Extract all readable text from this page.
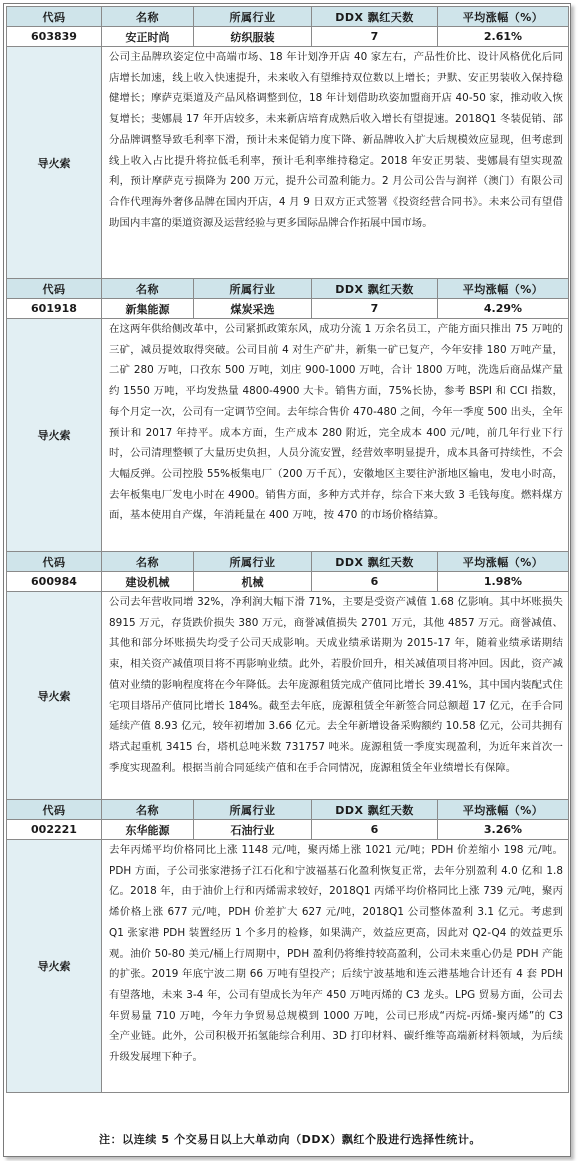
代码	名称	所属行业	DDX 飘红天数	平均涨幅（%）
603839	安正时尚	纺织服装	7	2.61%
导火索	公司主品牌玖姿定位中高端市场、18 年计划净开店 40 家左右，产品性价比、设计风格优化后同店增长加速，线上收入快速提升，未来收入有望维持双位数以上增长；尹默、安正男装收入保持稳健增长；摩萨克渠道及产品风格调整到位，18 年计划借助玖姿加盟商开店 40-50 家，推动收入恢复增长；斐娜晨 17 年开店较多，未来新店培育成熟后收入增长有望提速。2018Q1 冬装促销、部分品牌调整导致毛利率下滑，预计未来促销力度下降、新品牌收入扩大后规模效应显现，但考虑到线上收入占比提升将拉低毛利率，预计毛利率维持稳定。2018 年安正男装、斐娜晨有望实现盈利，预计摩萨克亏损降为 200 万元，提升公司盈利能力。2 月公司公告与润祥（澳门）有限公司合作代理海外奢侈品牌在国内开店，4 月 9 日双方正式签署《投资经营合同书》。未来公司有望借助国内丰富的渠道资源及运营经验与更多国际品牌合作拓展中国市场。			
代码	名称	所属行业	DDX 飘红天数	平均涨幅（%）
601918	新集能源	煤炭采选	7	4.29%
导火索	在这两年供给侧改革中，公司紧抓政策东风，成功分流 1 万余名员工，产能方面只推出 75 万吨的三矿，减员提效取得突破。公司目前 4 对生产矿井，新集一矿已复产，今年安排 180 万吨产量，二矿 280 万吨，口孜东 500 万吨，刘庄 900-1000 万吨，合计 1800 万吨，洗选后商品煤产量约 1550 万吨，平均发热量 4800-4900 大卡。销售方面，75%长协，参考 BSPI 和 CCI 指数，每个月定一次，公司有一定调节空间。去年综合售价 470-480 之间，今年一季度 500 出头，全年预计和 2017 年持平。成本方面，生产成本 280 附近，完全成本 400 元/吨，前几年行业下行时，公司清理整顿了大量历史负担，人员分流安置，经营效率明显提升，成本具备可持续性，不会大幅反弹。公司控股 55%板集电厂（200 万千瓦），安徽地区主要往沪浙地区输电，发电小时高，去年板集电厂发电小时在 4900。销售方面，多种方式并存，综合下来大致 3 毛钱每度。燃料煤方面，基本使用自产煤，年消耗量在 400 万吨，按 470 的市场价格结算。			
代码	名称	所属行业	DDX 飘红天数	平均涨幅（%）
600984	建设机械	机械	6	1.98%
导火索	公司去年营收同增 32%，净利润大幅下滑 71%，主要是受资产减值 1.68 亿影响。其中坏账损失 8915 万元，存货跌价损失 380 万元，商誉减值损失 2701 万元，其他 4857 万元。商誉减值、其他和部分坏账损失均受子公司天成影响。天成业绩承诺期为 2015-17 年，随着业绩承诺期结束，相关资产减值项目将不再影响业绩。此外，若股价回升，相关减值项目将冲回。因此，资产减值对业绩的影响程度将在今年降低。去年庞源租赁完成产值同比增长 39.41%，其中国内装配式住宅项目塔吊产值同比增长 184%。截至去年底，庞源租赁全年新签合同总额超 17 亿元，在手合同延续产值 8.93 亿元，较年初增加 3.66 亿元。去全年新增设备采购额约 10.58 亿元，公司共拥有塔式起重机 3415 台，塔机总吨米数 731757 吨米。庞源租赁一季度实现盈利，为近年来首次一季度实现盈利。根据当前合同延续产值和在手合同情况，庞源租赁全年业绩增长有保障。			
代码	名称	所属行业	DDX 飘红天数	平均涨幅（%）
002221	东华能源	石油行业	6	3.26%
导火索	去年丙烯平均价格同比上涨 1148 元/吨，聚丙烯上涨 1021 元/吨；PDH 价差缩小 198 元/吨。PDH 方面，子公司张家港扬子江石化和宁波福基石化盈利恢复正常，去年分别盈利 4.0 亿和 1.8 亿。2018 年，由于油价上行和丙烯需求较好，2018Q1 丙烯平均价格同比上涨 739 元/吨，聚丙烯价格上涨 677 元/吨，PDH 价差扩大 627 元/吨，2018Q1 公司整体盈利 3.1 亿元。考虑到 Q1 张家港 PDH 装置经历 1 个多月的检修，如果满产，效益应更高，因此对 Q2-Q4 的效益更乐观。油价 50-80 美元/桶上行周期中，PDH 盈利仍将维持较高盈利，公司未来重心仍是 PDH 产能的扩张。2019 年底宁波二期 66 万吨有望投产；后续宁波基地和连云港基地合计还有 4 套 PDH 有望落地，未来 3-4 年，公司有望成长为年产 450 万吨丙烯的 C3 龙头。LPG 贸易方面，公司去年贸易量 710 万吨，今年力争贸易总规模到 1000 万吨，公司已形成“丙烷-丙烯-聚丙烯”的 C3 全产业链。此外，公司积极开拓氢能综合利用、3D 打印材料、碳纤维等高端新材料领域，为后续升级发展埋下种子。			
注：以连续 5 个交易日以上大单动向（DDX）飘红个股进行选择性统计。
